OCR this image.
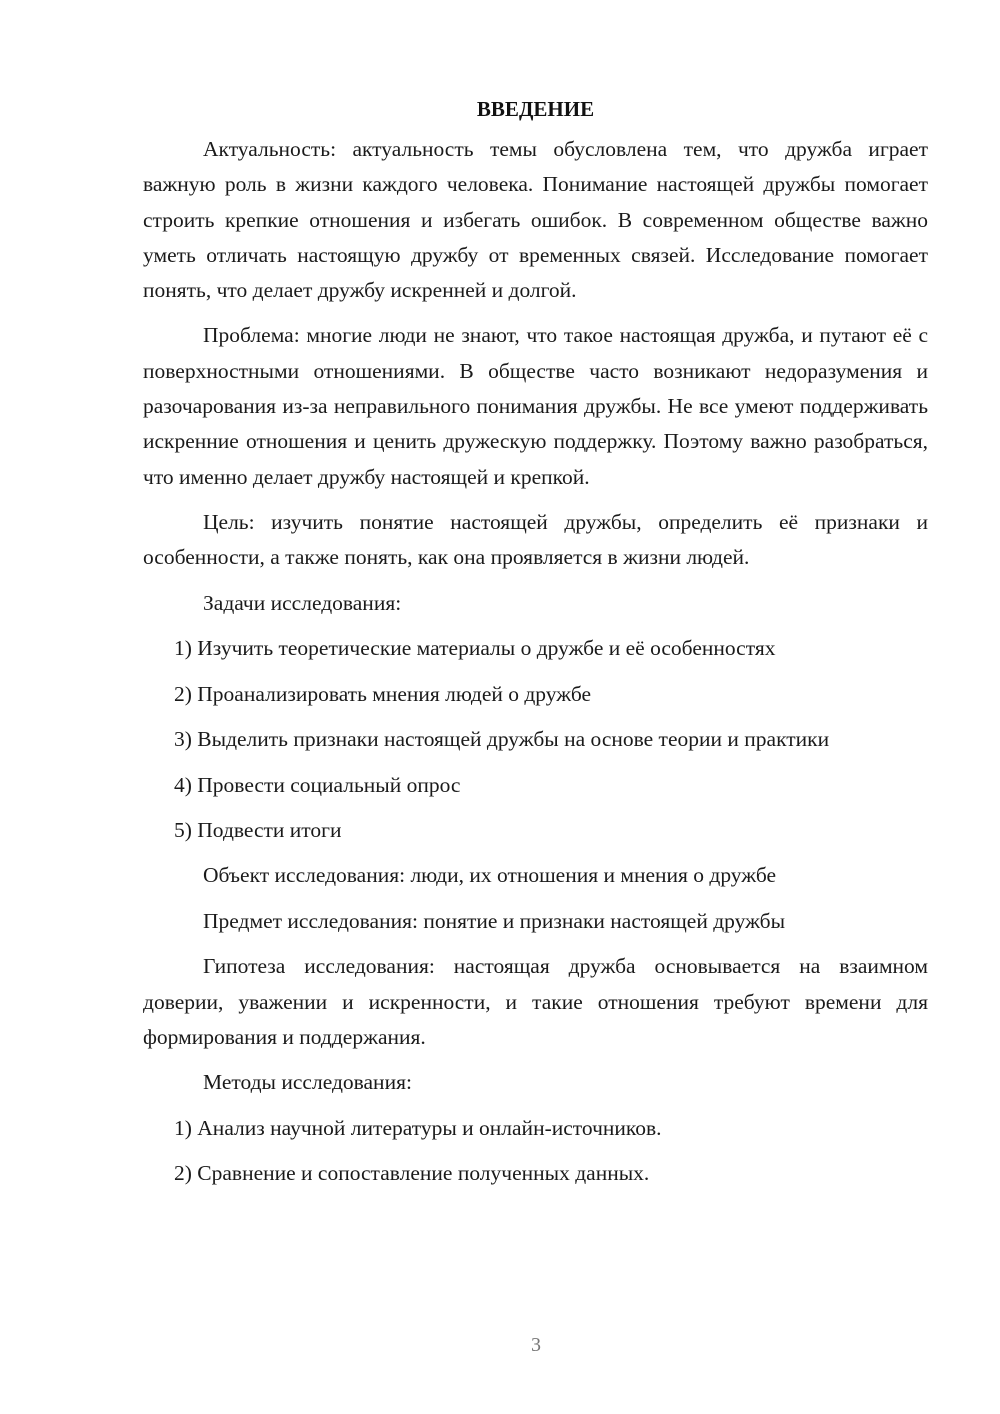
ВВЕДЕНИЕ

Актуальность: актуальность темы обусловлена тем, что дружба играет важную роль в жизни каждого человека. Понимание настоящей дружбы помогает строить крепкие отношения и избегать ошибок. В современном обществе важно уметь отличать настоящую дружбу от временных связей. Исследование помогает понять, что делает дружбу искренней и долгой.

Проблема: многие люди не знают, что такое настоящая дружба, и путают её с поверхностными отношениями. В обществе часто возникают недоразумения и разочарования из-за неправильного понимания дружбы. Не все умеют поддерживать искренние отношения и ценить дружескую поддержку. Поэтому важно разобраться, что именно делает дружбу настоящей и крепкой.

Цель: изучить понятие настоящей дружбы, определить её признаки и особенности, а также понять, как она проявляется в жизни людей.

Задачи исследования:
1) Изучить теоретические материалы о дружбе и её особенностях
2) Проанализировать мнения людей о дружбе
3) Выделить признаки настоящей дружбы на основе теории и практики
4) Провести социальный опрос
5) Подвести итоги
Объект исследования: люди, их отношения и мнения о дружбе
Предмет исследования: понятие и признаки настоящей дружбы

Гипотеза исследования: настоящая дружба основывается на взаимном доверии, уважении и искренности, и такие отношения требуют времени для формирования и поддержания.

Методы исследования:
1) Анализ научной литературы и онлайн-источников.
2) Сравнение и сопоставление полученных данных.
3
